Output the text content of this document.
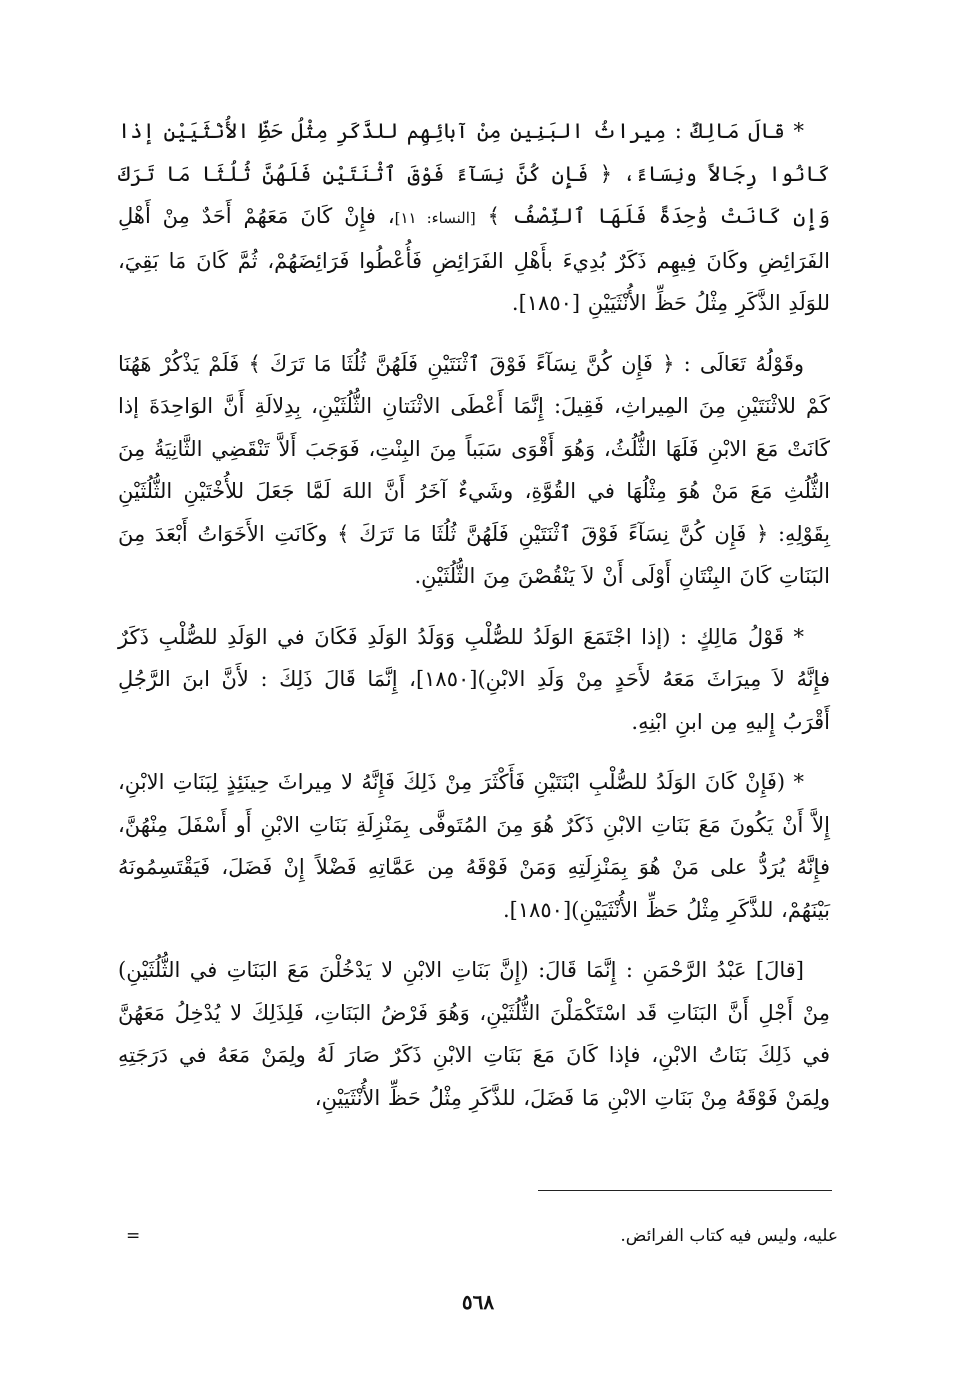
* قالَ مَالِكٌ : مِيراثُ البَنِين مِنْ آبائِهِم للذَّكَرِ مِثْلُ حَظِّ الأُنْثَيَيْنِ إذا كَانُوا رِجَالاً ونِسَاءً، ﴿ فَإِن كُنَّ نِسَآءً فَوْقَ ٱثْنَتَيْنِ فَلَهُنَّ ثُلُثَا مَا تَرَكَ وَإِن كَانَتْ وَٰحِدَةً فَلَهَا ٱلنِّصْفُ ﴾ [النساء: ١١]، فإِنْ كَانَ مَعَهُمْ أَحَدٌ مِنْ أَهْلِ الفَرَائِضِ وكَانَ فِيهِم ذَكَرٌ بُدِيءَ بأَهْلِ الفَرَائِضِ فَأُعْطُوا فَرَائِضَهُمْ، ثُمَّ كَانَ مَا بَقِيَ، للوَلَدِ الذَّكَرِ مِثْلُ حَظِّ الأُنْثَيَيْنِ [١٨٥٠].

وقَوْلُهُ تَعَالَى : ﴿ فَإِن كُنَّ نِسَآءً فَوْقَ ٱثْنَتَيْنِ فَلَهُنَّ ثُلُثَا مَا تَرَكَ ﴾ فَلَمْ يَذْكُرْ هَهُنَا كَمْ للاثْنَتَيْنِ مِنَ المِيراثِ، فَقِيلَ: إِنَّمَا أَعْطَى الاثْنَتانِ الثُّلُثَيْنِ، بِدِلالَةِ أَنَّ الوَاحِدَةَ إذا كَانَتْ مَعَ الابْنِ فَلَهَا الثُّلُثُ، وَهُوَ أَقْوَى سَبَباً مِنَ البِنْتِ، فَوَجَبَ أَلاَّ تَنْقَضِي الثَّانِيَةُ مِنَ الثُّلُثِ مَعَ مَنْ هُوَ مِثْلُهَا في القُوَّةِ، وشَيءٌ آخَرُ أَنَّ اللهَ لَمَّا جَعَلَ للأُخْتَيْنِ الثُّلُثَيْنِ بِقَوْلِهِ: ﴿ فَإِن كُنَّ نِسَآءً فَوْقَ ٱثْنَتَيْنِ فَلَهُنَّ ثُلُثَا مَا تَرَكَ ﴾ وكَانَتِ الأَخَوَاتُ أَبْعَدَ مِنَ البَنَاتِ كَانَ البِنْتَانِ أَوْلَى أَنْ لاَ يَنْقُصْنَ مِنَ الثُّلُثَيْنِ.

* قَوْلُ مَالِكٍ : (إذا اجْتَمَعَ الوَلَدُ للصُّلْبِ وَوَلَدُ الوَلَدِ فَكَانَ في الوَلَدِ للصُّلْبِ ذَكَرٌ فإِنَّهُ لاَ مِيرَاثَ مَعَهُ لأَحَدٍ مِنْ وَلَدِ الابْنِ)[١٨٥٠]، إِنَّمَا قَالَ ذَلِكَ : لأَنَّ ابنَ الرَّجُلِ أَقْرَبُ إِليهِ مِن ابنِ ابْنِهِ.

* (فَإِنْ كَانَ الوَلَدُ للصُّلْبِ ابْنَتَيْنِ فَأَكْثَرَ مِنْ ذَلِكَ فَإِنَّهُ لا مِيراثَ حِينَئِذٍ لِبَنَاتِ الابْنِ، إِلاَّ أَنْ يَكُونَ مَعَ بَنَاتِ الابْنِ ذَكَرٌ هُوَ مِنَ المُتَوفَّى بِمَنْزِلَةِ بَنَاتِ الابْنِ أَو أَسْفَلَ مِنْهُنَّ، فإِنَّهُ يُرَدُّ على مَنْ هُوَ بِمَنْزِلَتِهِ وَمَنْ فَوْقَهُ مِن عَمَّاتِهِ فَضْلاً إِنْ فَضَلَ، فَيَقْتَسِمُونَهُ بَيْنَهُمْ، للذَّكَرِ مِثْلُ حَظِّ الأُنْثَيَيْنِ)[١٨٥٠].

[قالَ] عَبْدُ الرَّحْمَنِ : إِنَّمَا قَالَ: (إِنَّ بَنَاتِ الابْنِ لا يَدْخُلْنَ مَعَ البَنَاتِ في الثُّلُثَيْنِ) مِنْ أَجْلِ أَنَّ البَنَاتِ قَد اسْتَكْمَلْنَ الثُّلُثَيْنِ، وَهُوَ فَرْضُ البَنَاتِ، فَلِذَلِكَ لا يُدْخِلُ مَعَهُنَّ في ذَلِكَ بَنَاتُ الابْنِ، فإذا كَانَ مَعَ بَنَاتِ الابْنِ ذَكَرٌ صَارَ لَهُ ولِمَنْ مَعَهُ في دَرَجَتِهِ ولِمَنْ فَوْقَهُ مِنْ بَنَاتِ الابْنِ مَا فَضَلَ، للذَّكَرِ مِثْلُ حَظِّ الأُنْثَيَيْنِ،

عليه، وليس فيه كتاب الفرائض.
=
٥٦٨
